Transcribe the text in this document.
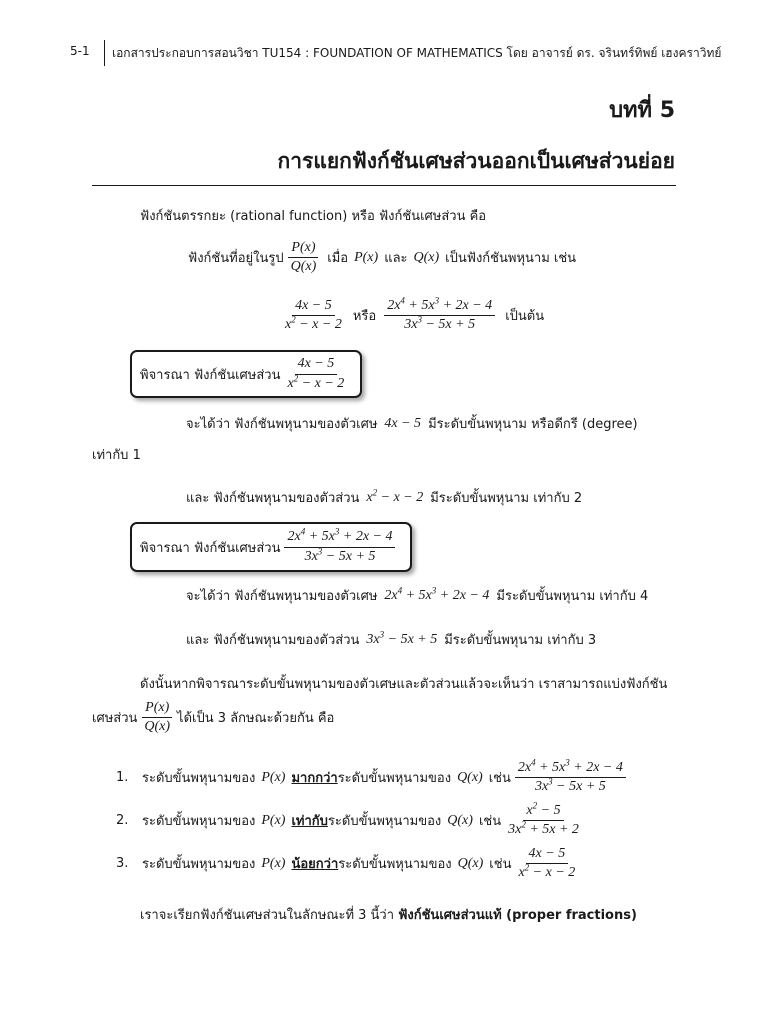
5-1 เอกสารประกอบการสอนวิชา TU154 : FOUNDATION OF MATHEMATICS โดย อาจารย์ ดร. จรินทร์ทิพย์ เฮงคราวิทย์
บทที่ 5
การแยกฟังก์ชันเศษส่วนออกเป็นเศษส่วนย่อย
ฟังก์ชันตรรกยะ (rational function) หรือ ฟังก์ชันเศษส่วน คือ
ฟังก์ชันที่อยู่ในรูป $\frac{P(x)}{Q(x)}$ เมื่อ P(x) และ Q(x) เป็นฟังก์ชันพหุนาม เช่น
$\frac{4x - 5}{x^2 - x - 2}$ หรือ $\frac{2x^4 + 5x^3 + 2x - 4}{3x^3 - 5x + 5}$ เป็นต้น
พิจารณา ฟังก์ชันเศษส่วน $\frac{4x - 5}{x^2 - x - 2}$
จะได้ว่า ฟังก์ชันพหุนามของตัวเศษ 4x − 5 มีระดับขั้นพหุนาม หรือดีกรี (degree)
เท่ากับ 1
และ ฟังก์ชันพหุนามของตัวส่วน $x^2 - x - 2$ มีระดับขั้นพหุนาม เท่ากับ 2
พิจารณา ฟังก์ชันเศษส่วน $\frac{2x^4 + 5x^3 + 2x - 4}{3x^3 - 5x + 5}$
จะได้ว่า ฟังก์ชันพหุนามของตัวเศษ $2x^4 + 5x^3 + 2x - 4$ มีระดับขั้นพหุนาม เท่ากับ 4
และ ฟังก์ชันพหุนามของตัวส่วน $3x^3 - 5x + 5$ มีระดับขั้นพหุนาม เท่ากับ 3
ดังนั้นหากพิจารณาระดับขั้นพหุนามของตัวเศษและตัวส่วนแล้วจะเห็นว่า เราสามารถแบ่งฟังก์ชัน
เศษส่วน $\frac{P(x)}{Q(x)}$ ได้เป็น 3 ลักษณะด้วยกัน คือ
1.	ระดับขั้นพหุนามของ P(x) มากกว่า ระดับขั้นพหุนามของ Q(x) เช่น $\frac{2x^4 + 5x^3 + 2x - 4}{3x^3 - 5x + 5}$
2.	ระดับขั้นพหุนามของ P(x) เท่ากับ ระดับขั้นพหุนามของ Q(x) เช่น $\frac{x^2 - 5}{3x^2 + 5x + 2}$
3.	ระดับขั้นพหุนามของ P(x) น้อยกว่า ระดับขั้นพหุนามของ Q(x) เช่น $\frac{4x - 5}{x^2 - x - 2}$
เราจะเรียกฟังก์ชันเศษส่วนในลักษณะที่ 3 นี้ว่า ฟังก์ชันเศษส่วนแท้ (proper fractions)
